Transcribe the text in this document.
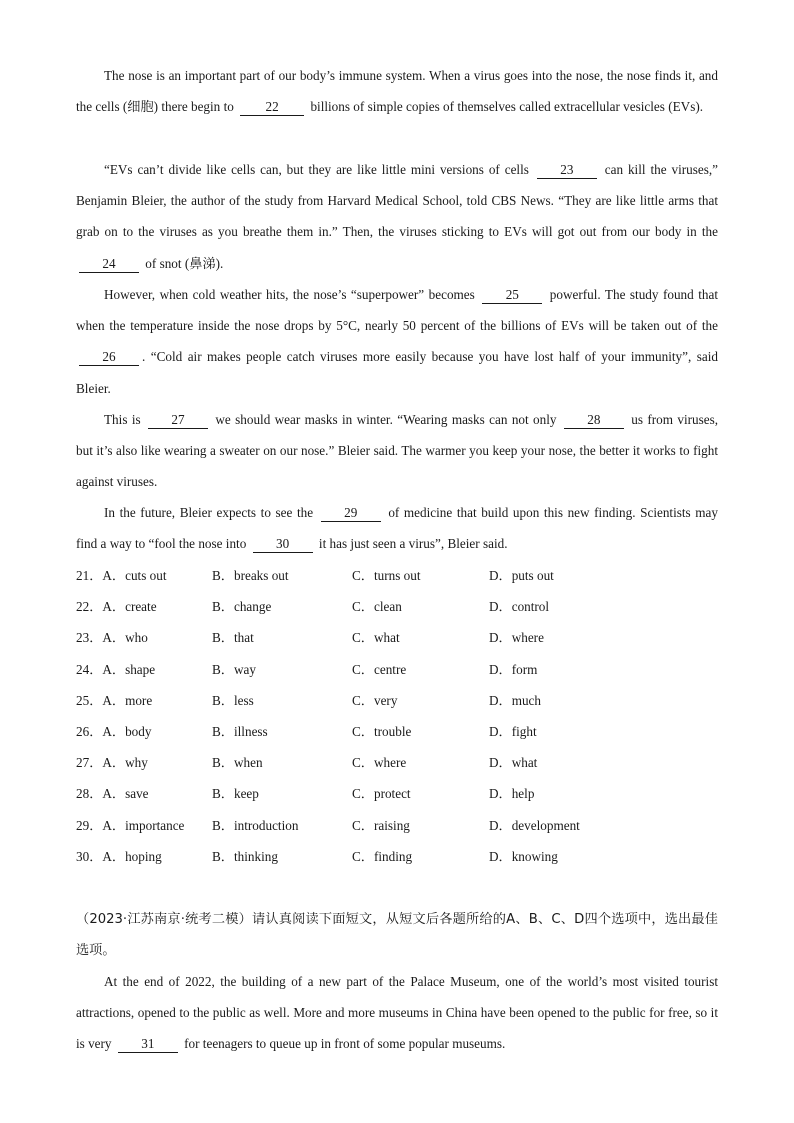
The nose is an important part of our body’s immune system. When a virus goes into the nose, the nose finds it, and the cells (细胞) there begin to 22 billions of simple copies of themselves called extracellular vesicles (EVs).

“EVs can’t divide like cells can, but they are like little mini versions of cells 23 can kill the viruses,” Benjamin Bleier, the author of the study from Harvard Medical School, told CBS News. “They are like little arms that grab on to the viruses as you breathe them in.” Then, the viruses sticking to EVs will got out from our body in the 24 of snot (鼻涕).

However, when cold weather hits, the nose’s “superpower” becomes 25 powerful. The study found that when the temperature inside the nose drops by 5°C, nearly 50 percent of the billions of EVs will be taken out of the 26 . “Cold air makes people catch viruses more easily because you have lost half of your immunity”, said Bleier.

This is 27 we should wear masks in winter. “Wearing masks can not only 28 us from viruses, but it’s also like wearing a sweater on our nose.” Bleier said. The warmer you keep your nose, the better it works to fight against viruses.

In the future, Bleier expects to see the 29 of medicine that build upon this new finding. Scientists may find a way to “fool the nose into 30 it has just seen a virus”, Bleier said.

21．A．cuts out	B．breaks out	C．turns out	D．puts out
22．A．create	B．change	C．clean	D．control
23．A．who	B．that	C．what	D．where
24．A．shape	B．way	C．centre	D．form
25．A．more	B．less	C．very	D．much
26．A．body	B．illness	C．trouble	D．fight
27．A．why	B．when	C．where	D．what
28．A．save	B．keep	C．protect	D．help
29．A．importance B．introduction	C．raising	D．development
30．A．hoping	B．thinking	C．finding	D．knowing

（2023·江苏南京·统考二模）请认真阅读下面短文，从短文后各题所给的A、B、C、D四个选项中，选出最佳选项。

At the end of 2022, the building of a new part of the Palace Museum, one of the world’s most visited tourist attractions, opened to the public as well. More and more museums in China have been opened to the public for free, so it is very 31 for teenagers to queue up in front of some popular museums.
